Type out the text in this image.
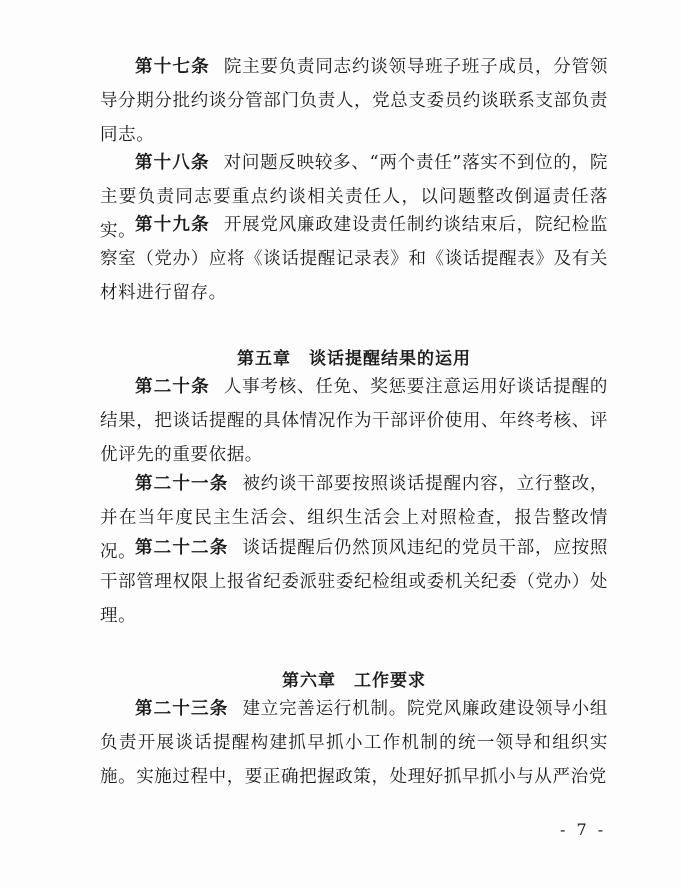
第十七条 院主要负责同志约谈领导班子班子成员，分管领导分期分批约谈分管部门负责人，党总支委员约谈联系支部负责同志。

第十八条 对问题反映较多、“两个责任”落实不到位的，院主要负责同志要重点约谈相关责任人，以问题整改倒逼责任落实。

第十九条 开展党风廉政建设责任制约谈结束后，院纪检监察室（党办）应将《谈话提醒记录表》和《谈话提醒表》及有关材料进行留存。

第五章 谈话提醒结果的运用

第二十条 人事考核、任免、奖惩要注意运用好谈话提醒的结果，把谈话提醒的具体情况作为干部评价使用、年终考核、评优评先的重要依据。

第二十一条 被约谈干部要按照谈话提醒内容，立行整改，并在当年度民主生活会、组织生活会上对照检查，报告整改情况。

第二十二条 谈话提醒后仍然顶风违纪的党员干部，应按照干部管理权限上报省纪委派驻委纪检组或委机关纪委（党办）处理。

第六章 工作要求

第二十三条 建立完善运行机制。院党风廉政建设领导小组负责开展谈话提醒构建抓早抓小工作机制的统一领导和组织实施。实施过程中，要正确把握政策，处理好抓早抓小与从严治党

- 7 -
